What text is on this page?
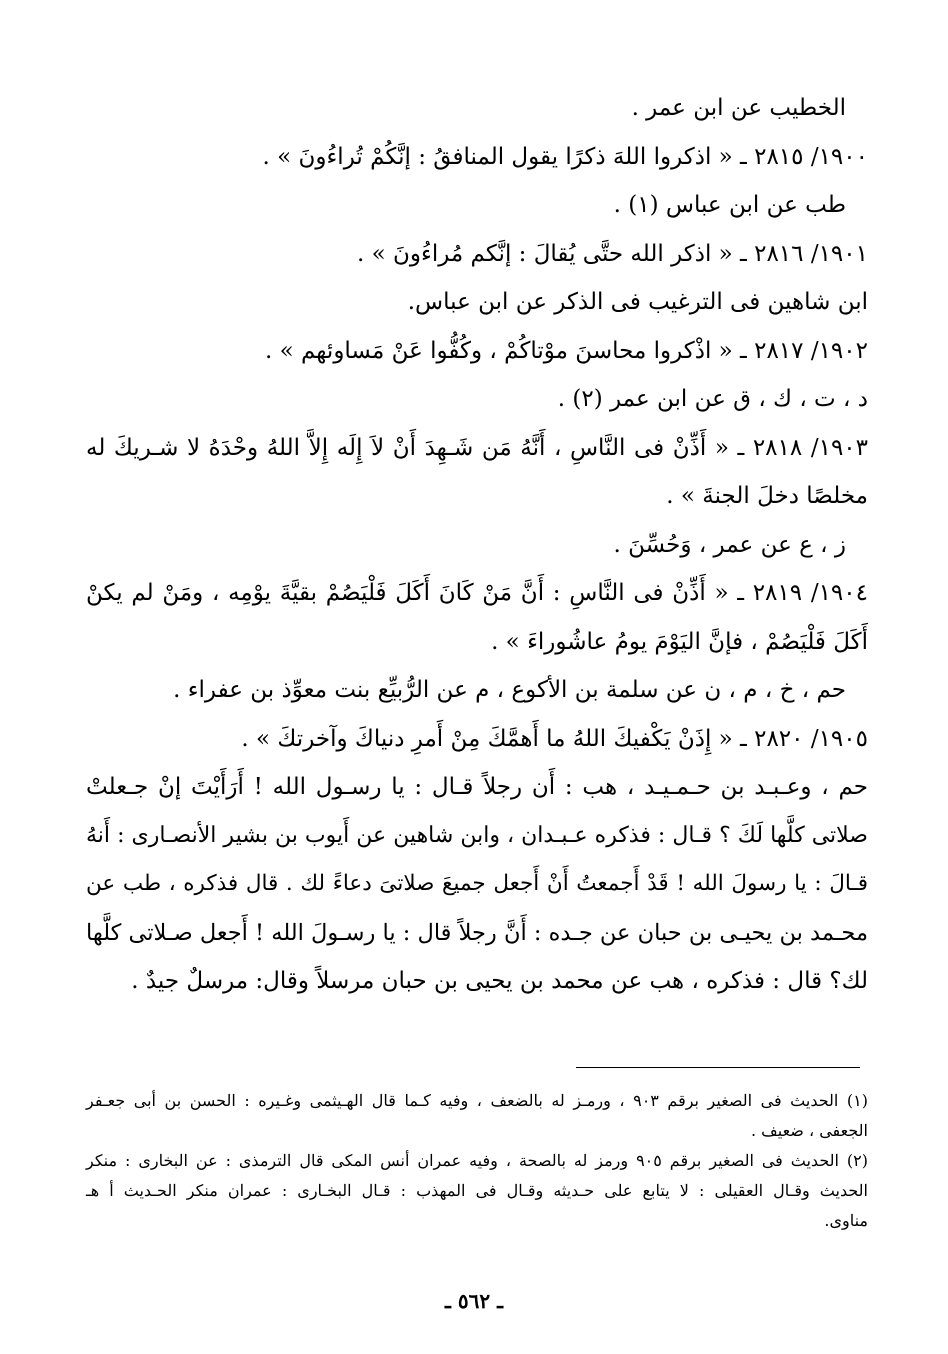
الخطيب عن ابن عمر .
١٩٠٠/ ٢٨١٥ ـ « اذكروا اللهَ ذكرًا يقول المنافقُ : إنَّكُمْ تُراءُونَ » .
طب عن ابن عباس (١) .
١٩٠١/ ٢٨١٦ ـ « اذكر الله حتَّى يُقالَ : إنَّكم مُراءُونَ » .
ابن شاهين فى الترغيب فى الذكر عن ابن عباس.
١٩٠٢/ ٢٨١٧ ـ « اذْكروا محاسنَ موْتاكُمْ ، وكُفُّوا عَنْ مَساوئهم » .
د ، ت ، ك ، ق عن ابن عمر (٢) .
١٩٠٣/ ٢٨١٨ ـ « أَذِّنْ فى النَّاسِ ، أَنَّهُ مَن شَـهِدَ أَنْ لاَ إِلَه إِلاَّ اللهُ وحْدَهُ لا شـريكَ له
مخلصًا دخلَ الجنةَ » .
ز ، ع عن عمر ، وَحُسِّنَ .
١٩٠٤/ ٢٨١٩ ـ « أَذِّنْ فى النَّاسِ : أَنَّ مَنْ كَانَ أَكَلَ فَلْيَصُمْ بقيَّةَ يوْمِه ، ومَنْ لم يكنْ
أَكَلَ فَلْيَصُمْ ، فإنَّ اليَوْمَ يومُ عاشُوراءَ » .
حم ، خ ، م ، ن عن سلمة بن الأكوع ، م عن الرُّبيِّع بنت معوِّذ بن عفراء .
١٩٠٥/ ٢٨٢٠ ـ « إِذَنْ يَكْفيكَ اللهُ ما أَهمَّكَ مِنْ أَمرِ دنياكَ وآخرتكَ » .
حم ، وعـبـد بن حـمـيـد ، هب : أَن رجلاً قـال : يا رسـول الله ! أَرَأَيْتَ إنْ جـعلتْ
صلاتى كلَّها لَكَ ؟ قـال : فذكره عـبـدان ، وابن شاهين عن أَيوب بن بشير الأنصـارى : أَنهُ
قـالَ : يا رسولَ الله ! قَدْ أَجمعتُ أَنْ أَجعل جميعَ صلاتىَ دعاءً لك . قال فذكره ، طب عن
محـمد بن يحيـى بن حبان عن جـده : أَنَّ رجلاً قال : يا رسـولَ الله ! أَجعل صـلاتى كلَّها
لك؟ قال : فذكره ، هب عن محمد بن يحيى بن حبان مرسلاً وقال: مرسلٌ جيدٌ .
(١) الحديث فى الصغير برقم ٩٠٣ ، ورمـز له بالضعف ، وفيه كـما قال الهـيثمى وغـيره : الحسن بن أبى جعـفر
الجعفى ، ضعيف .
(٢) الحديث فى الصغير برقم ٩٠٥ ورمز له بالصحة ، وفيه عمران أنس المكى قال الترمذى : عن البخارى : منكر
الحديث وقـال العقيلى : لا يتابع على حـديثه وقـال فى المهذب : قـال البخـارى : عمران منكر الحـديث أ هـ
مناوى.
ـ ٥٦٢ ـ
